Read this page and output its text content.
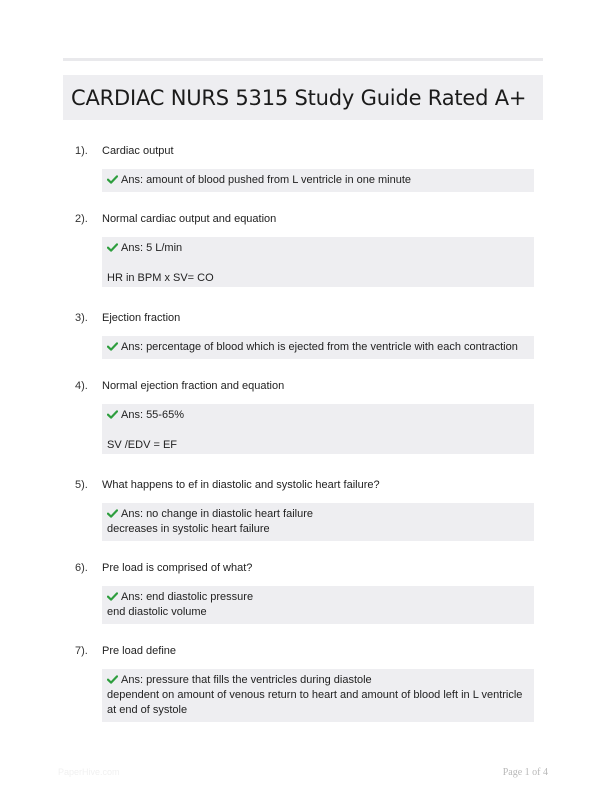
CARDIAC NURS 5315 Study Guide Rated A+
1). Cardiac output
Ans: amount of blood pushed from L ventricle in one minute
2). Normal cardiac output and equation
Ans: 5 L/min
HR in BPM x SV= CO
3). Ejection fraction
Ans: percentage of blood which is ejected from the ventricle with each contraction
4). Normal ejection fraction and equation
Ans: 55-65%
SV /EDV = EF
5). What happens to ef in diastolic and systolic heart failure?
Ans: no change in diastolic heart failure
decreases in systolic heart failure
6). Pre load is comprised of what?
Ans: end diastolic pressure
end diastolic volume
7). Pre load define
Ans: pressure that fills the ventricles during diastole
dependent on amount of venous return to heart and amount of blood left in L ventricle at end of systole
PaperHive.com	Page 1 of 4
